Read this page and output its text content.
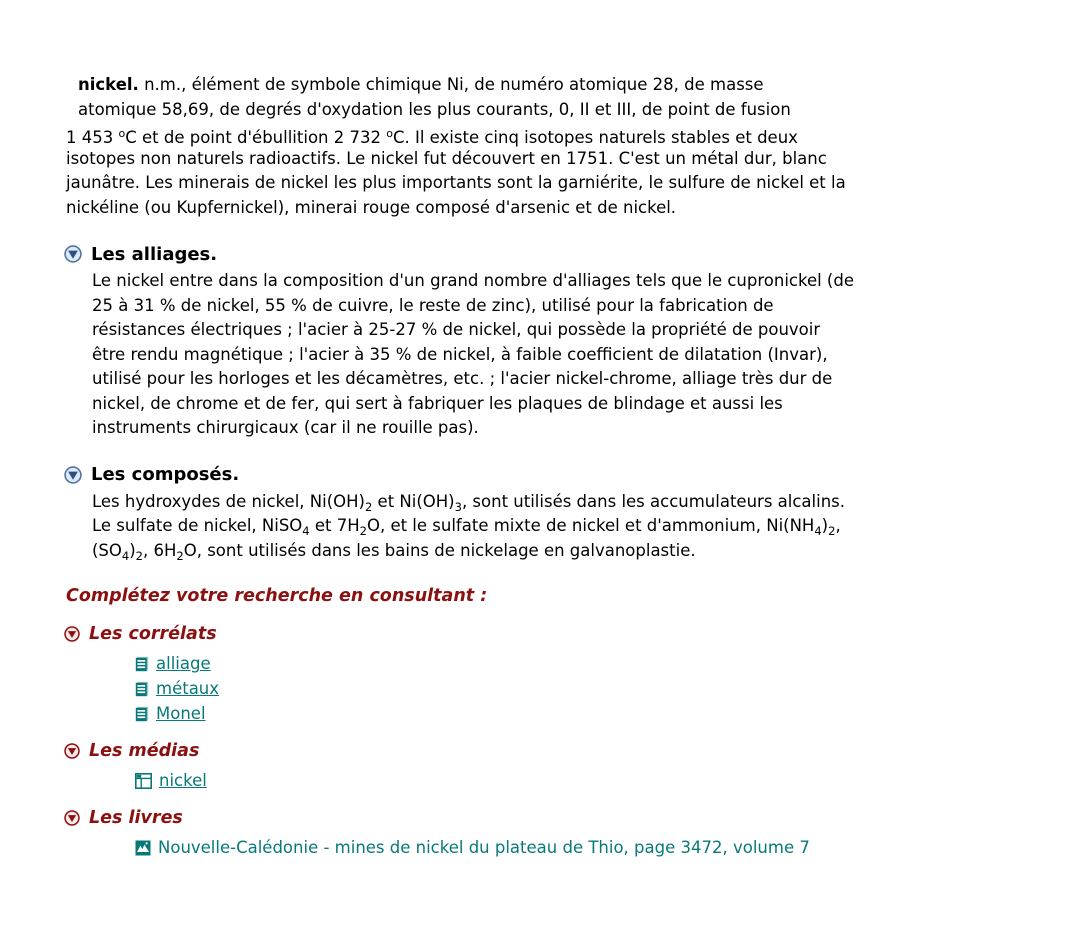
nickel. n.m., élément de symbole chimique Ni, de numéro atomique 28, de masse
atomique 58,69, de degrés d'oxydation les plus courants, 0, II et III, de point de fusion
1 453 $^o$C et de point d'ébullition 2 732 $^o$C. Il existe cinq isotopes naturels stables et deux
isotopes non naturels radioactifs. Le nickel fut découvert en 1751. C'est un métal dur, blanc
jaunâtre. Les minerais de nickel les plus importants sont la garniérite, le sulfure de nickel et la
nickéline (ou Kupfernickel), minerai rouge composé d'arsenic et de nickel.
Les alliages.
Le nickel entre dans la composition d'un grand nombre d'alliages tels que le cupronickel (de
25 à 31 % de nickel, 55 % de cuivre, le reste de zinc), utilisé pour la fabrication de
résistances électriques ; l'acier à 25-27 % de nickel, qui possède la propriété de pouvoir
être rendu magnétique ; l'acier à 35 % de nickel, à faible coefficient de dilatation (Invar),
utilisé pour les horloges et les décamètres, etc. ; l'acier nickel-chrome, alliage très dur de
nickel, de chrome et de fer, qui sert à fabriquer les plaques de blindage et aussi les
instruments chirurgicaux (car il ne rouille pas).
Les composés.
Les hydroxydes de nickel, $Ni(OH)_2$ et $Ni(OH)_3$, sont utilisés dans les accumulateurs alcalins.
Le sulfate de nickel, NiSO$_4$ et $7H_2O$, et le sulfate mixte de nickel et d'ammonium, $Ni(NH_4)_2$,
$(SO_4)_2$, $6H_2O$, sont utilisés dans les bains de nickelage en galvanoplastie.
Complétez votre recherche en consultant :
Les corrélats
alliage
métaux
Monel
Les médias
nickel
Les livres
Nouvelle-Calédonie - mines de nickel du plateau de Thio, page 3472, volume 7
